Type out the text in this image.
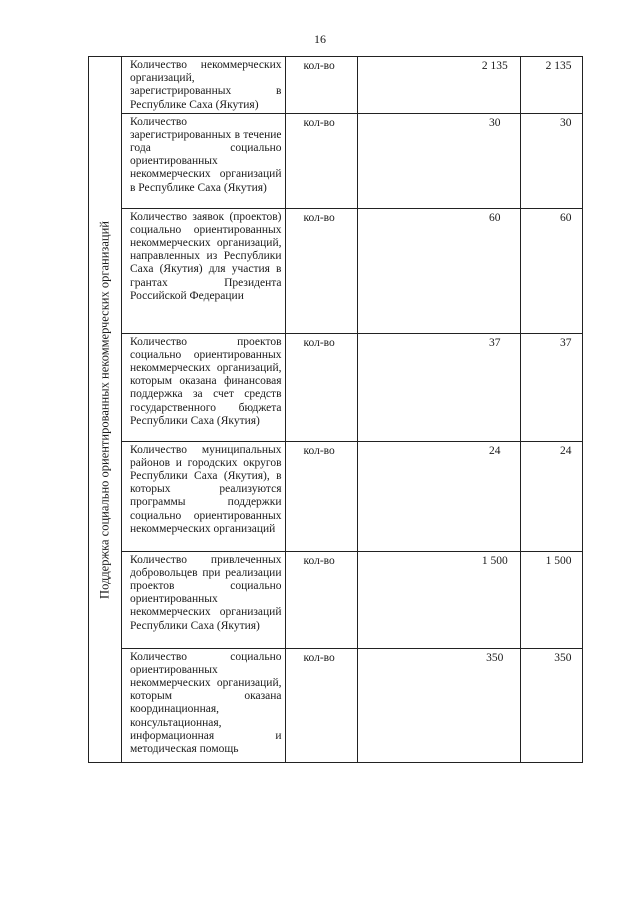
16
Поддержка социально ориентированных некоммерческих организаций
Количество некоммерческих организаций, зарегистрированных в Республике Саха (Якутия)	кол-во		2 135	2 135

Количество зарегистрированных в течение года социально ориентированных некоммерческих организаций в Республике Саха (Якутия)	кол-во		30	30

Количество заявок (проектов) социально ориентированных некоммерческих организаций, направленных из Республики Саха (Якутия) для участия в грантах Президента Российской Федерации	кол-во		60	60

Количество проектов социально ориентированных некоммерческих организаций, которым оказана финансовая поддержка за счет средств государственного бюджета Республики Саха (Якутия)	кол-во		37	37

Количество муниципальных районов и городских округов Республики Саха (Якутия), в которых реализуются программы поддержки социально ориентированных некоммерческих организаций	кол-во		24	24

Количество привлеченных добровольцев при реализации проектов социально ориентированных некоммерческих организаций Республики Саха (Якутия)	кол-во		1 500	1 500

Количество социально ориентированных некоммерческих организаций, которым оказана координационная, консультационная, информационная и методическая помощь	кол-во		350	350
